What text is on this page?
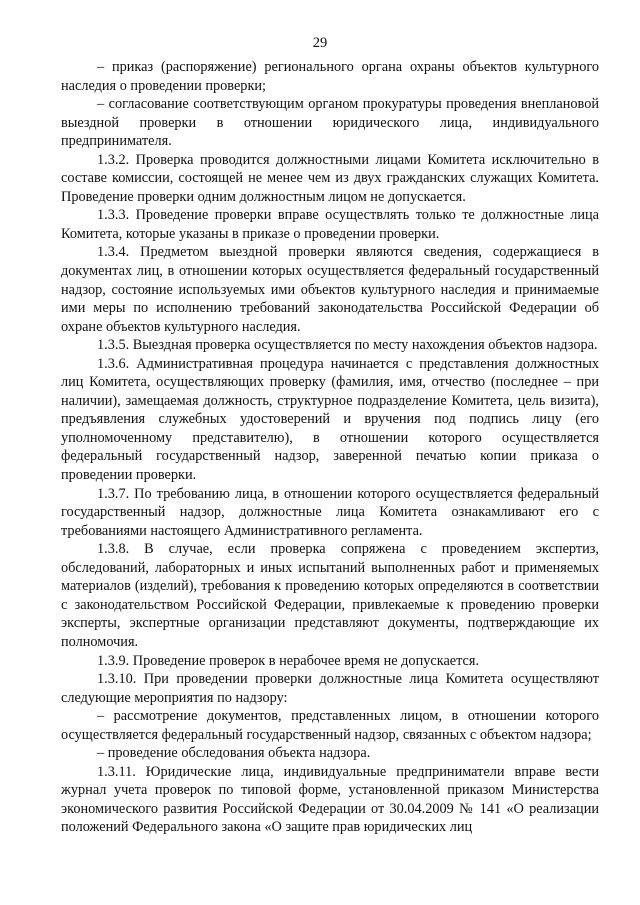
29

– приказ (распоряжение) регионального органа охраны объектов культурного наследия о проведении проверки;

– согласование соответствующим органом прокуратуры проведения внеплановой выездной проверки в отношении юридического лица, индивидуального предпринимателя.

1.3.2. Проверка проводится должностными лицами Комитета исключительно в составе комиссии, состоящей не менее чем из двух гражданских служащих Комитета. Проведение проверки одним должностным лицом не допускается.

1.3.3. Проведение проверки вправе осуществлять только те должностные лица Комитета, которые указаны в приказе о проведении проверки.

1.3.4. Предметом выездной проверки являются сведения, содержащиеся в документах лиц, в отношении которых осуществляется федеральный государственный надзор, состояние используемых ими объектов культурного наследия и принимаемые ими меры по исполнению требований законодательства Российской Федерации об охране объектов культурного наследия.

1.3.5. Выездная проверка осуществляется по месту нахождения объектов надзора.

1.3.6. Административная процедура начинается с представления должностных лиц Комитета, осуществляющих проверку (фамилия, имя, отчество (последнее – при наличии), замещаемая должность, структурное подразделение Комитета, цель визита), предъявления служебных удостоверений и вручения под подпись лицу (его уполномоченному представителю), в отношении которого осуществляется федеральный государственный надзор, заверенной печатью копии приказа о проведении проверки.

1.3.7. По требованию лица, в отношении которого осуществляется федеральный государственный надзор, должностные лица Комитета ознакамливают его с требованиями настоящего Административного регламента.

1.3.8. В случае, если проверка сопряжена с проведением экспертиз, обследований, лабораторных и иных испытаний выполненных работ и применяемых материалов (изделий), требования к проведению которых определяются в соответствии с законодательством Российской Федерации, привлекаемые к проведению проверки эксперты, экспертные организации представляют документы, подтверждающие их полномочия.

1.3.9. Проведение проверок в нерабочее время не допускается.

1.3.10. При проведении проверки должностные лица Комитета осуществляют следующие мероприятия по надзору:

– рассмотрение документов, представленных лицом, в отношении которого осуществляется федеральный государственный надзор, связанных с объектом надзора;

– проведение обследования объекта надзора.

1.3.11. Юридические лица, индивидуальные предприниматели вправе вести журнал учета проверок по типовой форме, установленной приказом Министерства экономического развития Российской Федерации от 30.04.2009 № 141 «О реализации положений Федерального закона «О защите прав юридических лиц
